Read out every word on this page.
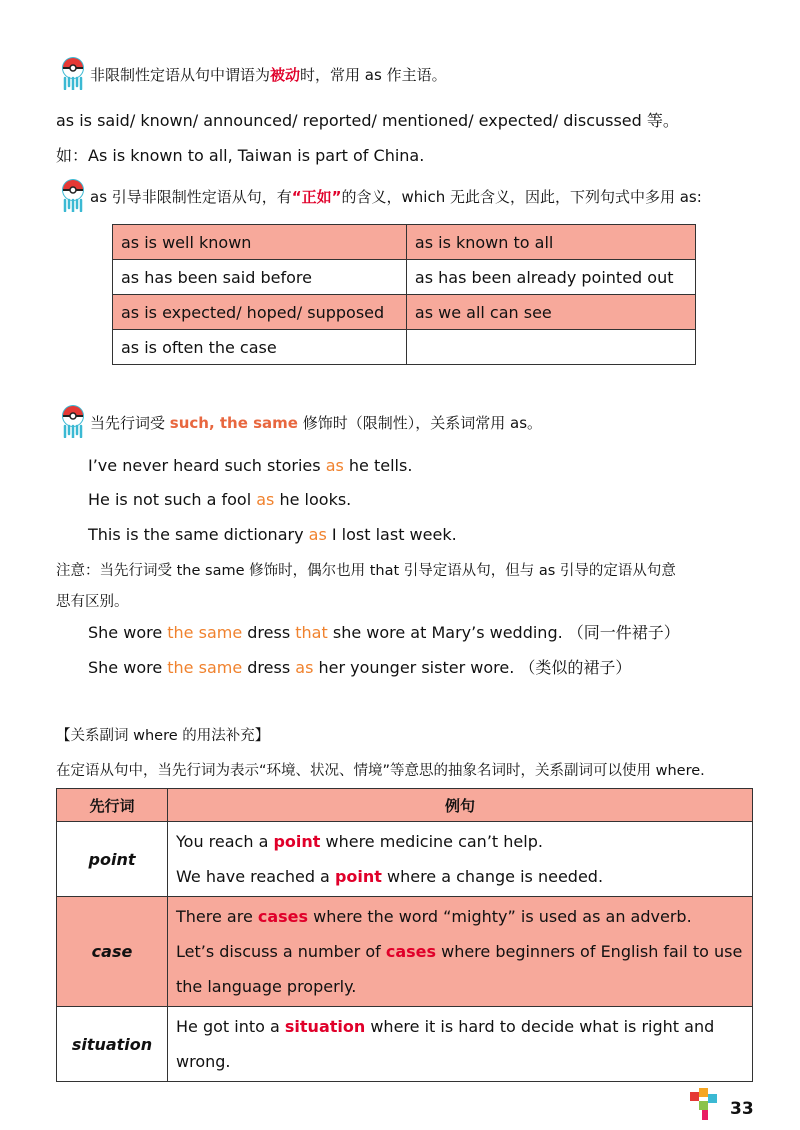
非限制性定语从句中谓语为被动时，常用 as 作主语。
as is said/ known/ announced/ reported/ mentioned/ expected/ discussed 等。
如：As is known to all, Taiwan is part of China.
as 引导非限制性定语从句，有“正如”的含义，which 无此含义，因此，下列句式中多用 as:
as is well known	as is known to all
as has been said before	as has been already pointed out
as is expected/ hoped/ supposed	as we all can see
as is often the case	
当先行词受 such, the same 修饰时（限制性），关系词常用 as。
I’ve never heard such stories as he tells.
He is not such a fool as he looks.
This is the same dictionary as I lost last week.
注意：当先行词受 the same 修饰时，偶尔也用 that 引导定语从句，但与 as 引导的定语从句意
思有区别。
She wore the same dress that she wore at Mary’s wedding. （同一件裙子）
She wore the same dress as her younger sister wore. （类似的裙子）
【关系副词 where 的用法补充】
在定语从句中，当先行词为表示“环境、状况、情境”等意思的抽象名词时，关系副词可以使用 where.
先行词	例句
point	You reach a point where medicine can’t help.
We have reached a point where a change is needed.

case	There are cases where the word “mighty” is used as an adverb.
Let’s discuss a number of cases where beginners of English fail to use the language properly.

situation	He got into a situation where it is hard to decide what is right and wrong.
33
